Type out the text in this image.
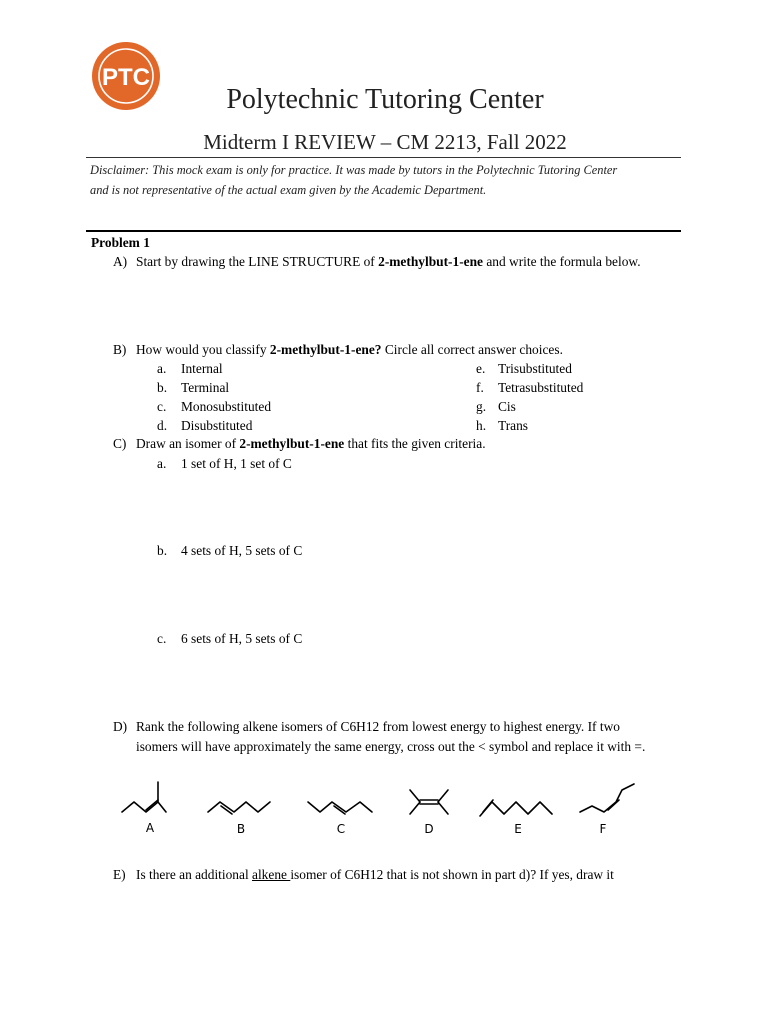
PTC
Polytechnic Tutoring Center
Midterm I REVIEW – CM 2213, Fall 2022
Disclaimer: This mock exam is only for practice. It was made by tutors in the Polytechnic Tutoring Center
and is not representative of the actual exam given by the Academic Department.
Problem 1
A) Start by drawing the LINE STRUCTURE of 2-methylbut-1-ene and write the formula below.
B) How would you classify 2-methylbut-1-ene? Circle all correct answer choices.
a. Internal
b. Terminal
c. Monosubstituted
d. Disubstituted
e. Trisubstituted
f. Tetrasubstituted
g. Cis
h. Trans
C) Draw an isomer of 2-methylbut-1-ene that fits the given criteria.
a. 1 set of H, 1 set of C
b. 4 sets of H, 5 sets of C
c. 6 sets of H, 5 sets of C
D) Rank the following alkene isomers of C6H12 from lowest energy to highest energy. If two
isomers will have approximately the same energy, cross out the < symbol and replace it with =.
A	B	C	D	E	F
E) Is there an additional alkene isomer of C6H12 that is not shown in part d)? If yes, draw it
